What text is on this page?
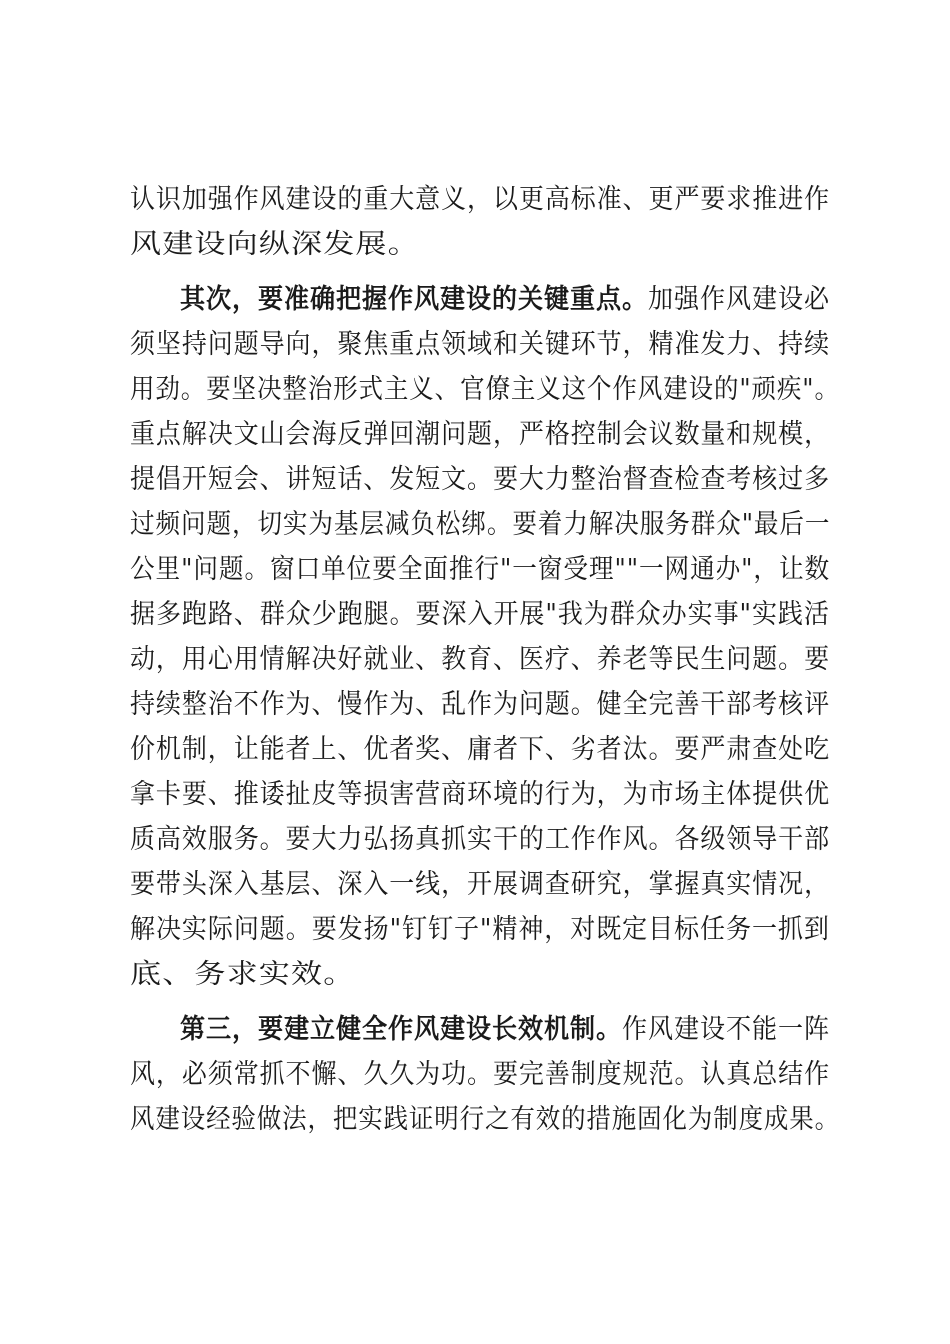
认识加强作风建设的重大意义，以更高标准、更严要求推进作
风建设向纵深发展。
其次，要准确把握作风建设的关键重点。加强作风建设必
须坚持问题导向，聚焦重点领域和关键环节，精准发力、持续
用劲。要坚决整治形式主义、官僚主义这个作风建设的"顽疾"。
重点解决文山会海反弹回潮问题，严格控制会议数量和规模，
提倡开短会、讲短话、发短文。要大力整治督查检查考核过多
过频问题，切实为基层减负松绑。要着力解决服务群众"最后一
公里"问题。窗口单位要全面推行"一窗受理""一网通办"，让数
据多跑路、群众少跑腿。要深入开展"我为群众办实事"实践活
动，用心用情解决好就业、教育、医疗、养老等民生问题。要
持续整治不作为、慢作为、乱作为问题。健全完善干部考核评
价机制，让能者上、优者奖、庸者下、劣者汰。要严肃查处吃
拿卡要、推诿扯皮等损害营商环境的行为，为市场主体提供优
质高效服务。要大力弘扬真抓实干的工作作风。各级领导干部
要带头深入基层、深入一线，开展调查研究，掌握真实情况，
解决实际问题。要发扬"钉钉子"精神，对既定目标任务一抓到
底、务求实效。
第三，要建立健全作风建设长效机制。作风建设不能一阵
风，必须常抓不懈、久久为功。要完善制度规范。认真总结作
风建设经验做法，把实践证明行之有效的措施固化为制度成果。
